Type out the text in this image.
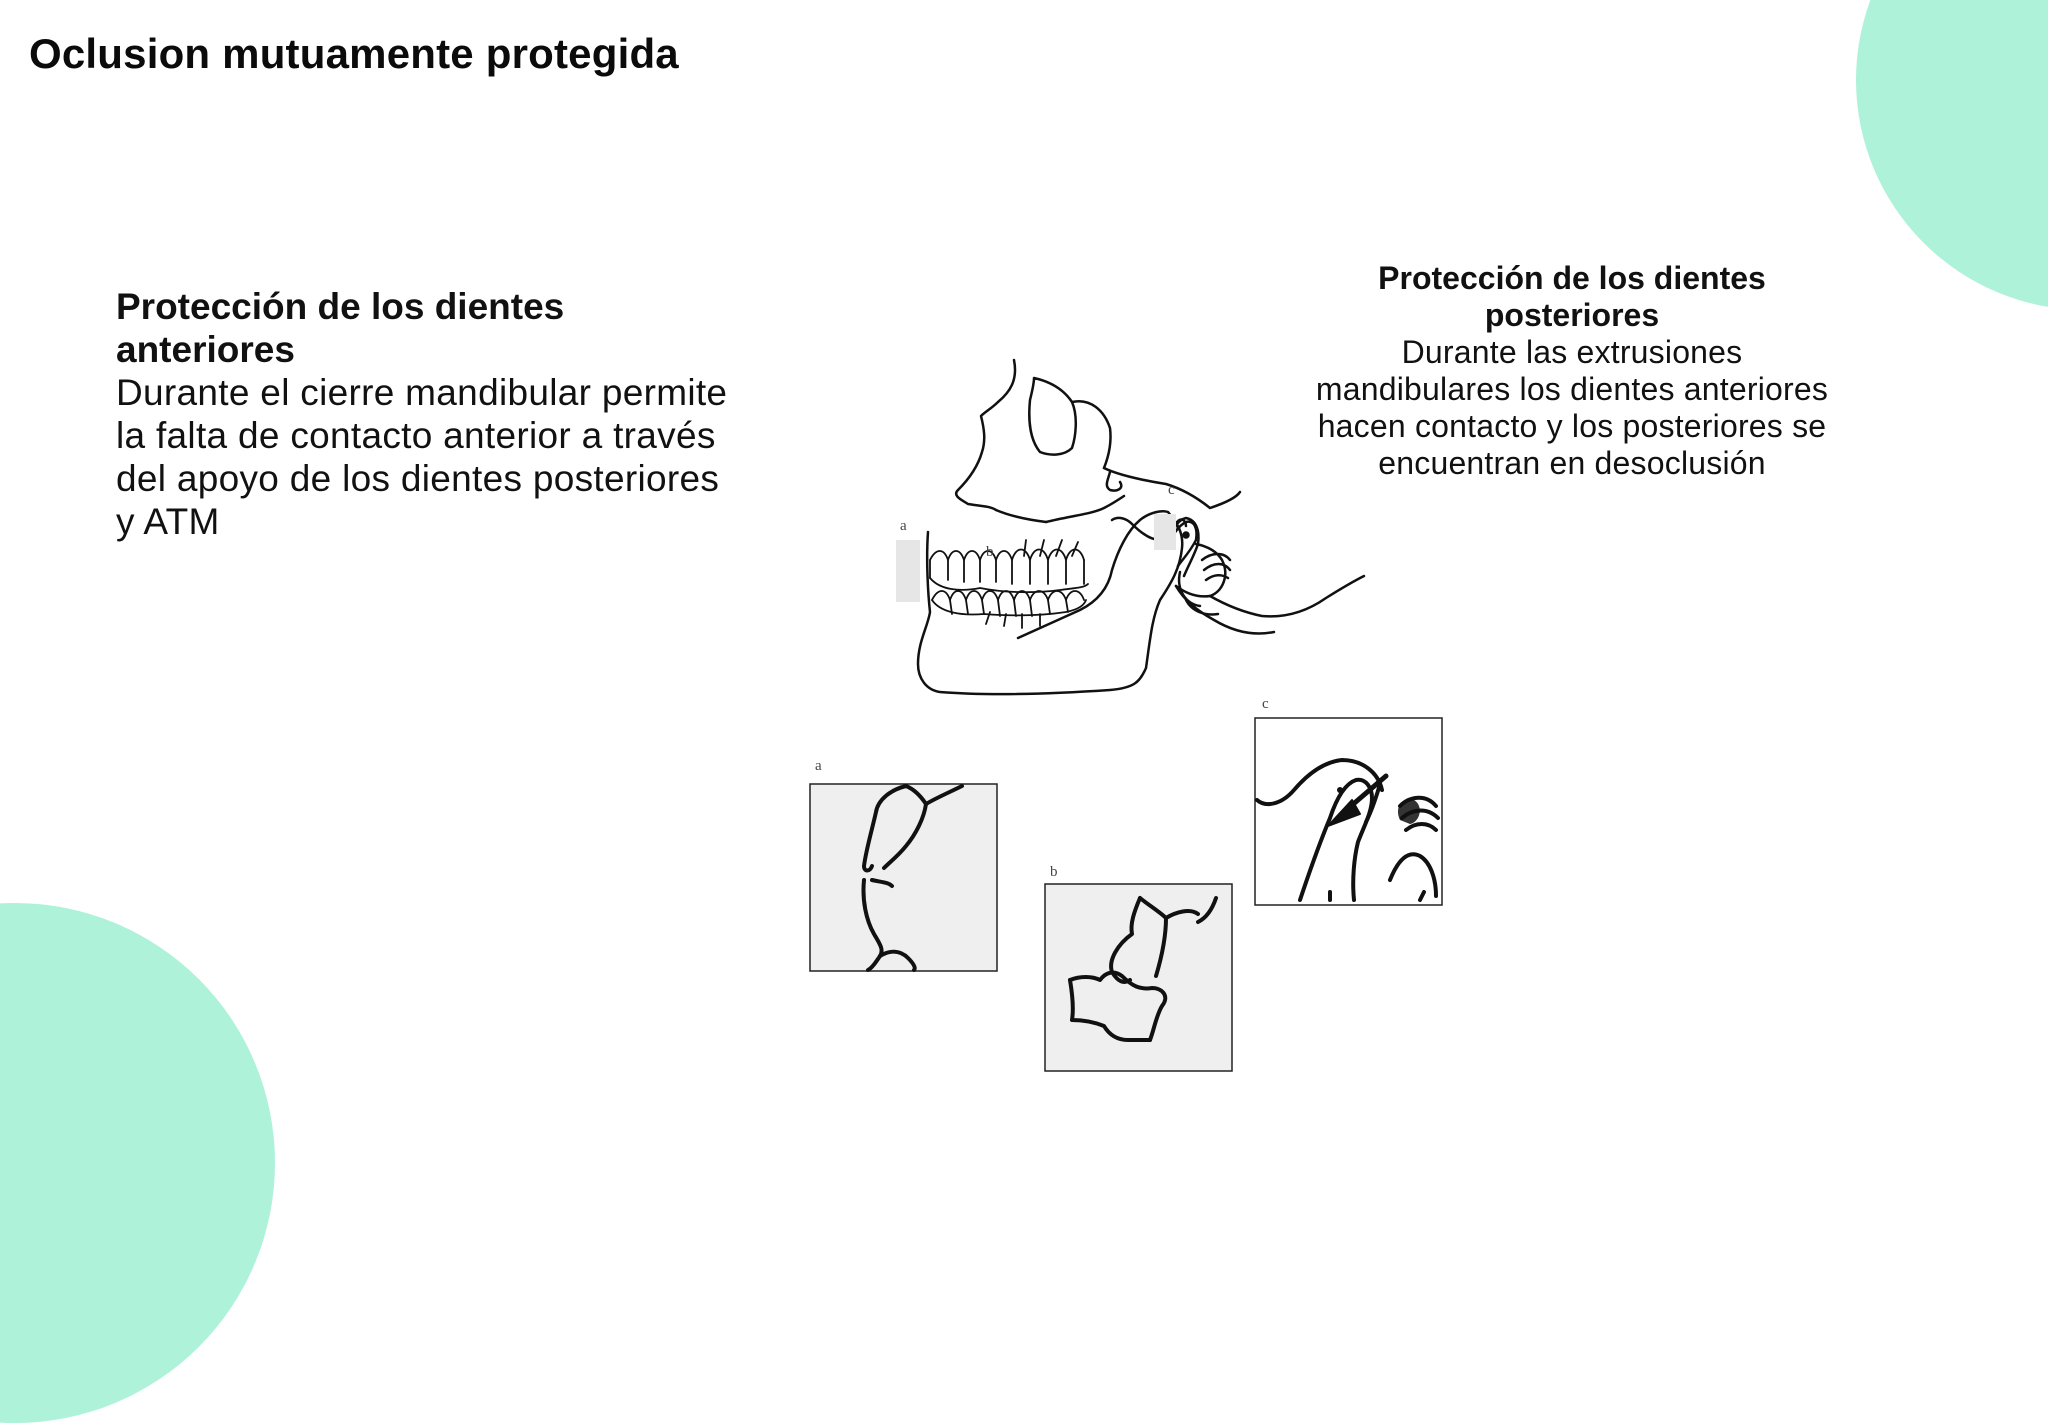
Oclusion mutuamente protegida
Protección de los dientes anteriores
Durante el cierre mandibular permite la falta de contacto anterior a través del apoyo de los dientes posteriores y ATM
Protección de los dientes posteriores
Durante las extrusiones mandibulares los dientes anteriores hacen contacto y los posteriores se encuentran en desoclusión
a
b
c
a
b
c
